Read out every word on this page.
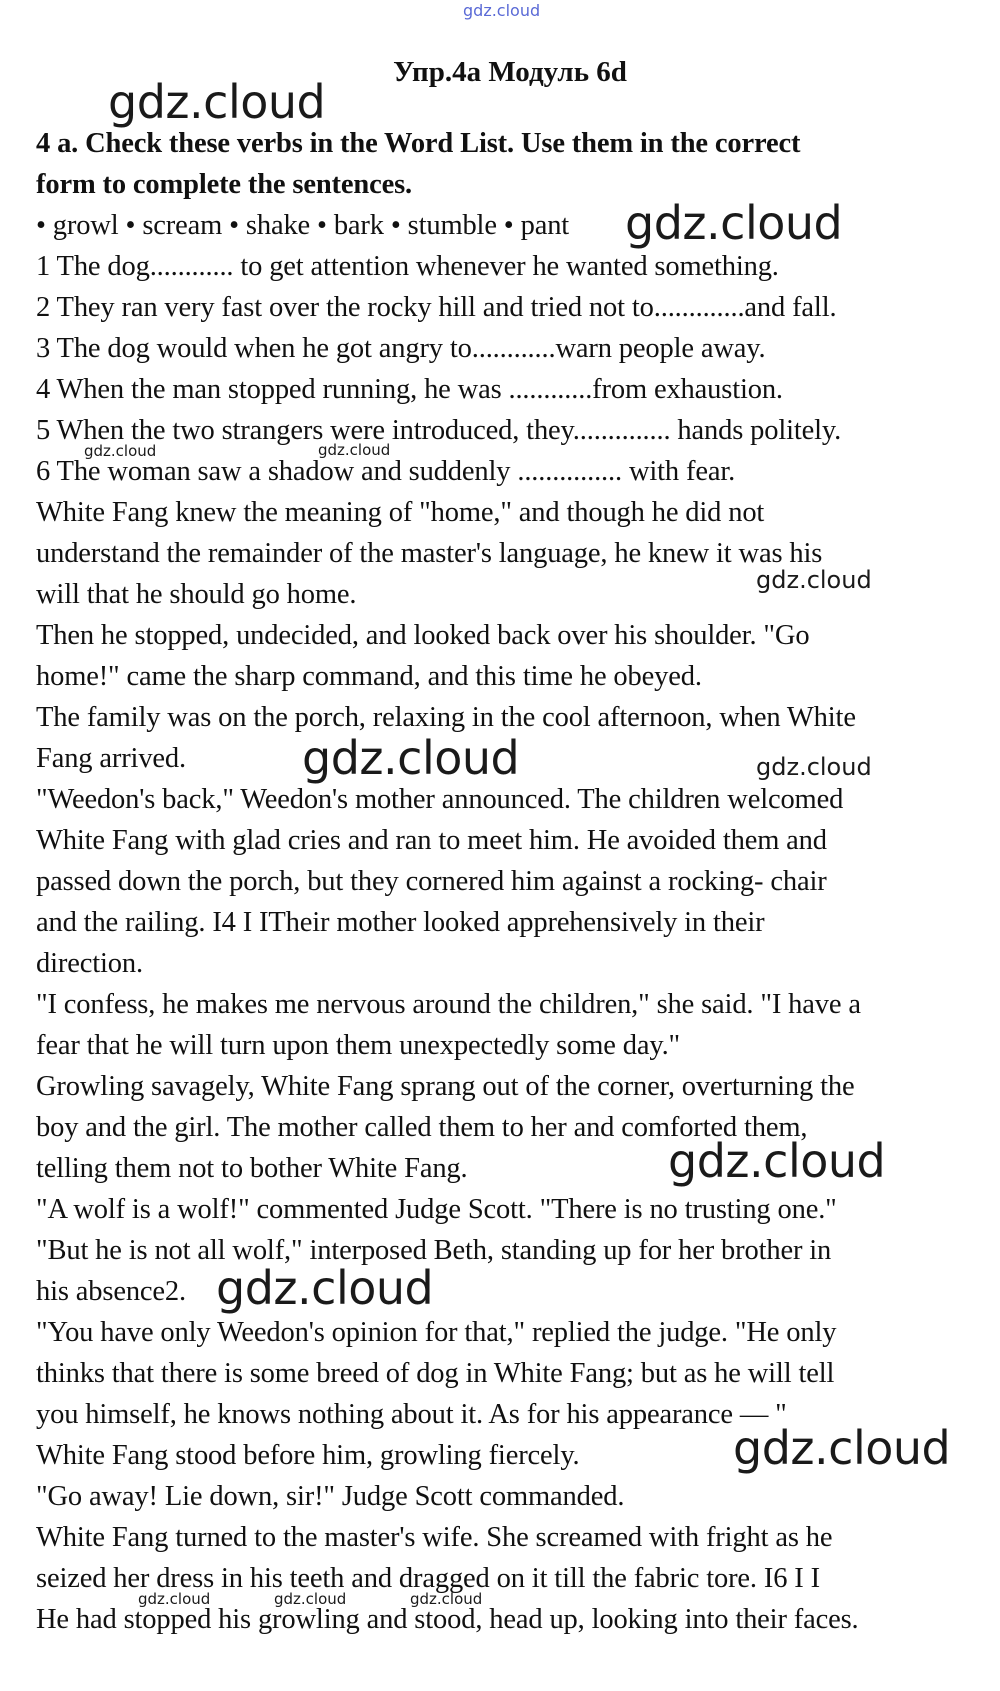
gdz.cloud
Упр.4а Модуль 6d

4 a. Check these verbs in the Word List. Use them in the correct

form to complete the sentences.

• growl • scream • shake • bark • stumble • pant

1 The dog............ to get attention whenever he wanted something.

2 They ran very fast over the rocky hill and tried not to.............and fall.

3 The dog would when he got angry to............warn people away.

4 When the man stopped running, he was ............from exhaustion.

5 When the two strangers were introduced, they.............. hands politely.

6 The woman saw a shadow and suddenly ............... with fear.

White Fang knew the meaning of "home," and though he did not

understand the remainder of the master's language, he knew it was his

will that he should go home.

Then he stopped, undecided, and looked back over his shoulder. "Go

home!" came the sharp command, and this time he obeyed.

The family was on the porch, relaxing in the cool afternoon, when White

Fang arrived.

"Weedon's back," Weedon's mother announced. The children welcomed

White Fang with glad cries and ran to meet him. He avoided them and

passed down the porch, but they cornered him against a rocking- chair

and the railing. I4 I IThe​ir mother looked apprehensively in their

direction.

"I confess, he makes me nervous around the children," she said. "I have a

fear that he will turn upon them unexpectedly some day."

Growling savagely, White Fang sprang out of the corner, overturning the

boy and the girl. The mother called them to her and comforted them,

telling them not to bother White Fang.

"A wolf is a wolf!" commented Judge Scott. "There is no trusting one."

"But he is not all wolf," interposed Beth, standing up for her brother in

his absence2.

"You have only Weedon's opinion for that," replied the judge. "He only

thinks that there is some breed of dog in White Fang; but as he will tell

you himself, he knows nothing about it. As for his appearance — "

White Fang stood before him, growling fiercely.

"Go away! Lie down, sir!" Judge Scott commanded.

White Fang turned to the master's wife. She screamed with fright as he

seized her dress in his teeth and dragged on it till the fabric tore. I6 I I

He had stopped his growling and stood, head up, looking into their faces.

gdz.cloud
gdz.cloud
gdz.cloud	gdz.cloud
gdz.cloud
gdz.cloud	gdz.cloud
gdz.cloud
gdz.cloud
gdz.cloud
gdz.cloud	gdz.cloud	gdz.cloud
